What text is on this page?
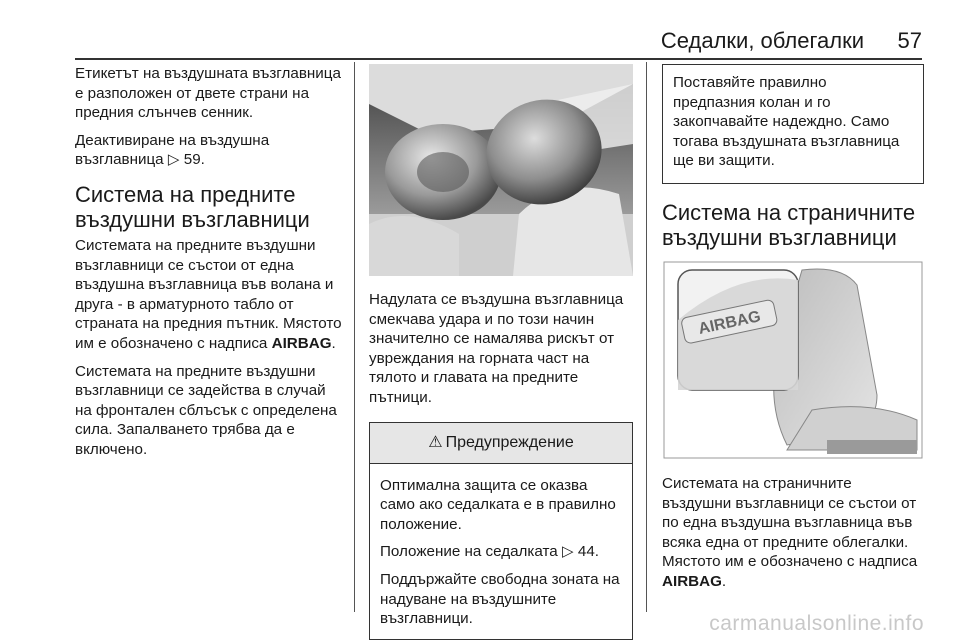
Седалки, облегалки 57

Етикетът на въздушната възглавница е разположен от двете страни на предния слънчев сенник.

Деактивиране на въздушна възглавница ▷ 59.

Система на предните въздушни възглавници

Системата на предните въздушни възглавници се състои от една въздушна възглавница във волана и друга - в арматурното табло от страната на предния пътник. Мястото им е обозначено с надписа AIRBAG.

Системата на предните въздушни възглавници се задейства в случай на фронтален сблъсък с определена сила. Запалването трябва да е включено.

Надулата се въздушна възглавница смекчава удара и по този начин значително се намалява рискът от увреждания на горната част на тялото и главата на предните пътници.

⚠ Предупреждение

Оптимална защита се оказва само ако седалката е в правилно положение.

Положение на седалката ▷ 44.

Поддържайте свободна зоната на надуване на въздушните възглавници.

Поставяйте правилно предпазния колан и го закопчавайте надеждно. Само тогава въздушната възглавница ще ви защити.

Система на страничните въздушни възглавници
AIRBAG

Системата на страничните въздушни възглавници се състои от по една въздушна възглавница във всяка една от предните облегалки. Мястото им е обозначено с надписа AIRBAG.

carmanualsonline.info
